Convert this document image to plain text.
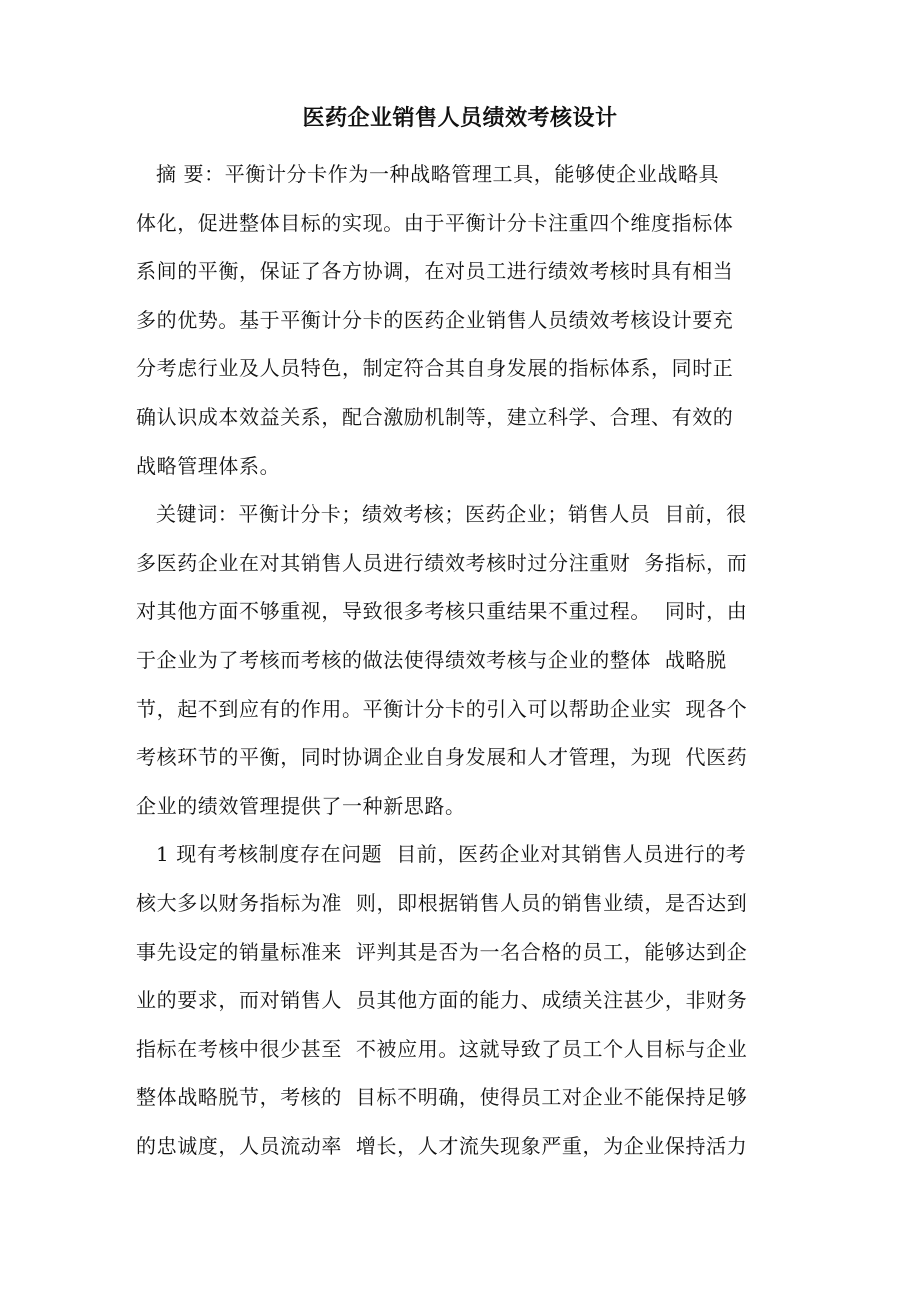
医药企业销售人员绩效考核设计
摘 要：平衡计分卡作为一种战略管理工具，能够使企业战略具
体化，促进整体目标的实现。由于平衡计分卡注重四个维度指标体
系间的平衡，保证了各方协调，在对员工进行绩效考核时具有相当
多的优势。基于平衡计分卡的医药企业销售人员绩效考核设计要充
分考虑行业及人员特色，制定符合其自身发展的指标体系，同时正
确认识成本效益关系，配合激励机制等，建立科学、合理、有效的
战略管理体系。
关键词：平衡计分卡；绩效考核；医药企业；销售人员  目前，很
多医药企业在对其销售人员进行绩效考核时过分注重财  务指标，而
对其他方面不够重视，导致很多考核只重结果不重过程。  同时，由
于企业为了考核而考核的做法使得绩效考核与企业的整体  战略脱
节，起不到应有的作用。平衡计分卡的引入可以帮助企业实  现各个
考核环节的平衡，同时协调企业自身发展和人才管理，为现  代医药
企业的绩效管理提供了一种新思路。
1 现有考核制度存在问题  目前，医药企业对其销售人员进行的考
核大多以财务指标为准  则，即根据销售人员的销售业绩，是否达到
事先设定的销量标准来  评判其是否为一名合格的员工，能够达到企
业的要求，而对销售人  员其他方面的能力、成绩关注甚少，非财务
指标在考核中很少甚至  不被应用。这就导致了员工个人目标与企业
整体战略脱节，考核的  目标不明确，使得员工对企业不能保持足够
的忠诚度，人员流动率  增长，人才流失现象严重，为企业保持活力
